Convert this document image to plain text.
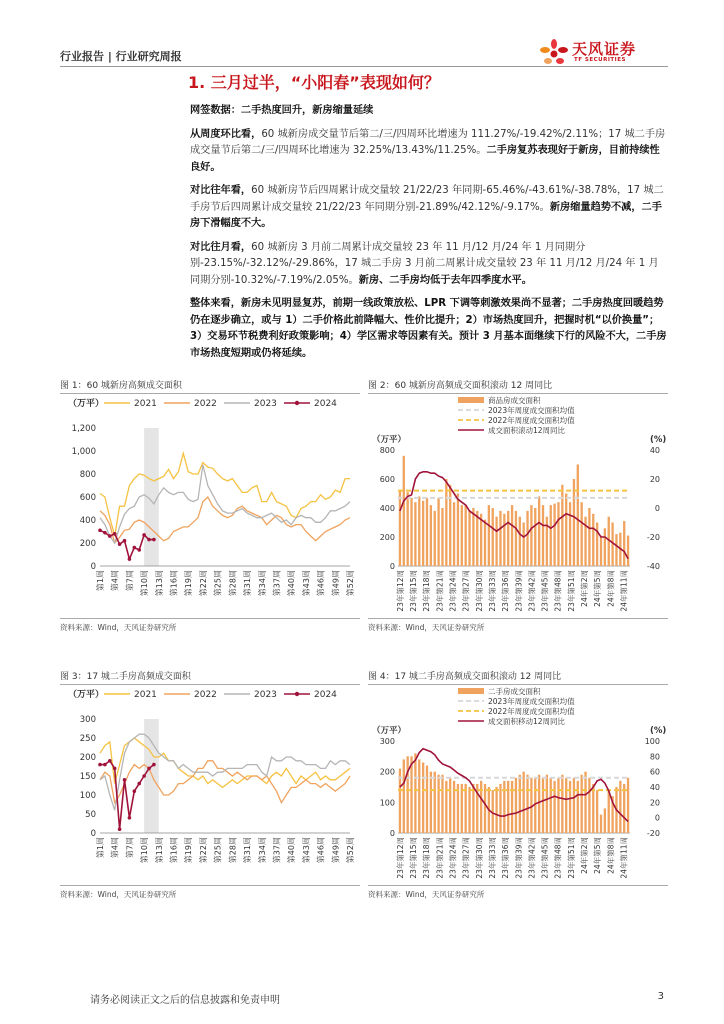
行业报告 | 行业研究周报	天风证券
TF SECURITIES
1. 三月过半，“小阳春”表现如何？

网签数据：二手热度回升，新房缩量延续

从周度环比看，60 城新房成交量节后第二/三/四周环比增速为 111.27%/-19.42%/2.11%；17 城二手房成交量节后第二/三/四周环比增速为 32.25%/13.43%/11.25%。二手房复苏表现好于新房，目前持续性良好。

对比往年看，60 城新房节后四周累计成交量较 21/22/23 年同期-65.46%/-43.61%/-38.78%，17 城二手房节后四周累计成交量较 21/22/23 年同期分别-21.89%/42.12%/-9.17%。新房缩量趋势不减，二手房下滑幅度不大。

对比往月看，60 城新房 3 月前二周累计成交量较 23 年 11 月/12 月/24 年 1 月同期分别-23.15%/-32.12%/-29.86%，17 城二手房 3 月前二周累计成交量较 23 年 11 月/12 月/24 年 1 月同期分别-10.32%/-7.19%/2.05%。新房、二手房均低于去年四季度水平。

整体来看，新房未见明显复苏，前期一线政策放松、LPR 下调等刺激效果尚不显著；二手房热度回暖趋势仍在逐步确立，或与 1）二手价格此前降幅大、性价比提升；2）市场热度回升，把握时机“以价换量”；3）交易环节税费利好政策影响；4）学区需求等因素有关。预计 3 月基本面继续下行的风险不大，二手房市场热度短期或仍将延续。

图 1：60 城新房高频成交面积
（万平）	2021	2022	2023	2024
0
200
400
600
800
1,000
1,200
第1周 第4周 第7周 第10周 第13周 第16周 第19周 第22周 第25周 第28周 第31周 第34周 第37周 第40周 第43周 第46周 第49周 第52周
资料来源：Wind，天风证券研究所
图 2：60 城新房高频成交面积滚动 12 周同比
（万平）	(%)
商品房成交面积
2023年周度成交面积均值
2022年周度成交面积均值
成交面积滚动12周同比
0
200
400
600
800
-40
-20
0
20
40
23年第12周 23年第15周 23年第18周 23年第21周 23年第24周 23年第27周 23年第30周 23年第33周 23年第36周 23年第39周 23年第42周 23年第45周 23年第48周 23年第51周 24年第2周 24年第5周 24年第8周 24年第11周
资料来源：Wind，天风证券研究所
图 3：17 城二手房高频成交面积
（万平）	2021	2022	2023	2024
0
50
100
150
200
250
300
第1周 第4周 第7周 第10周 第13周 第16周 第19周 第22周 第25周 第28周 第31周 第34周 第37周 第40周 第43周 第46周 第49周 第52周
资料来源：Wind，天风证券研究所
图 4：17 城二手房高频成交面积滚动 12 周同比
（万平）	(%)
二手房成交面积
2023年周度成交面积均值
2022年周度成交面积均值
成交面积移动12周同比
0
100
200
300
-20
0
20
40
60
80
100
23年第12周 23年第15周 23年第18周 23年第21周 23年第24周 23年第27周 23年第30周 23年第33周 23年第36周 23年第39周 23年第42周 23年第45周 23年第48周 23年第51周 24年第2周 24年第5周 24年第8周 24年第11周
资料来源：Wind，天风证券研究所
请务必阅读正文之后的信息披露和免责申明	3
